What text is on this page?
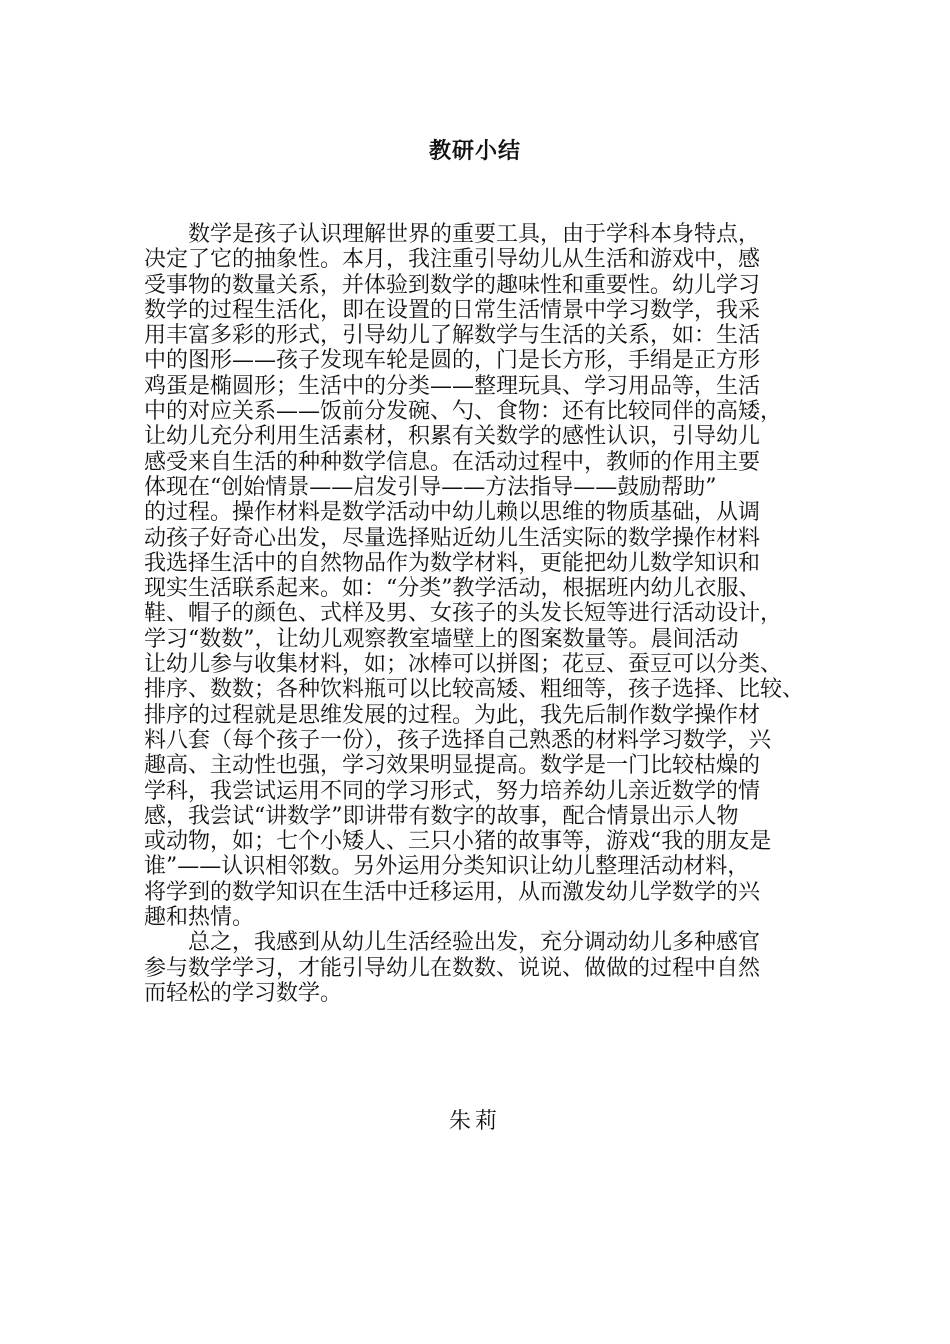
教研小结
　　数学是孩子认识理解世界的重要工具，由于学科本身特点，
决定了它的抽象性。本月，我注重引导幼儿从生活和游戏中，感
受事物的数量关系，并体验到数学的趣味性和重要性。幼儿学习
数学的过程生活化，即在设置的日常生活情景中学习数学，我采
用丰富多彩的形式，引导幼儿了解数学与生活的关系，如：生活
中的图形——孩子发现车轮是圆的，门是长方形，手绢是正方形
鸡蛋是椭圆形；生活中的分类——整理玩具、学习用品等，生活
中的对应关系——饭前分发碗、勺、食物：还有比较同伴的高矮，
让幼儿充分利用生活素材，积累有关数学的感性认识，引导幼儿
感受来自生活的种种数学信息。在活动过程中，教师的作用主要
体现在“创始情景——启发引导——方法指导——鼓励帮助”
的过程。操作材料是数学活动中幼儿赖以思维的物质基础，从调
动孩子好奇心出发，尽量选择贴近幼儿生活实际的数学操作材料
我选择生活中的自然物品作为数学材料，更能把幼儿数学知识和
现实生活联系起来。如：“分类”教学活动，根据班内幼儿衣服、
鞋、帽子的颜色、式样及男、女孩子的头发长短等进行活动设计，
学习“数数”，让幼儿观察教室墙壁上的图案数量等。晨间活动
让幼儿参与收集材料，如；冰棒可以拼图；花豆、蚕豆可以分类、
排序、数数；各种饮料瓶可以比较高矮、粗细等，孩子选择、比较、
排序的过程就是思维发展的过程。为此，我先后制作数学操作材
料八套（每个孩子一份），孩子选择自己熟悉的材料学习数学，兴
趣高、主动性也强，学习效果明显提高。数学是一门比较枯燥的
学科，我尝试运用不同的学习形式，努力培养幼儿亲近数学的情
感，我尝试“讲数学”即讲带有数字的故事，配合情景出示人物
或动物，如；七个小矮人、三只小猪的故事等，游戏“我的朋友是
谁”——认识相邻数。另外运用分类知识让幼儿整理活动材料，
将学到的数学知识在生活中迁移运用，从而激发幼儿学数学的兴
趣和热情。
　　总之，我感到从幼儿生活经验出发，充分调动幼儿多种感官
参与数学学习，才能引导幼儿在数数、说说、做做的过程中自然
而轻松的学习数学。
朱莉
